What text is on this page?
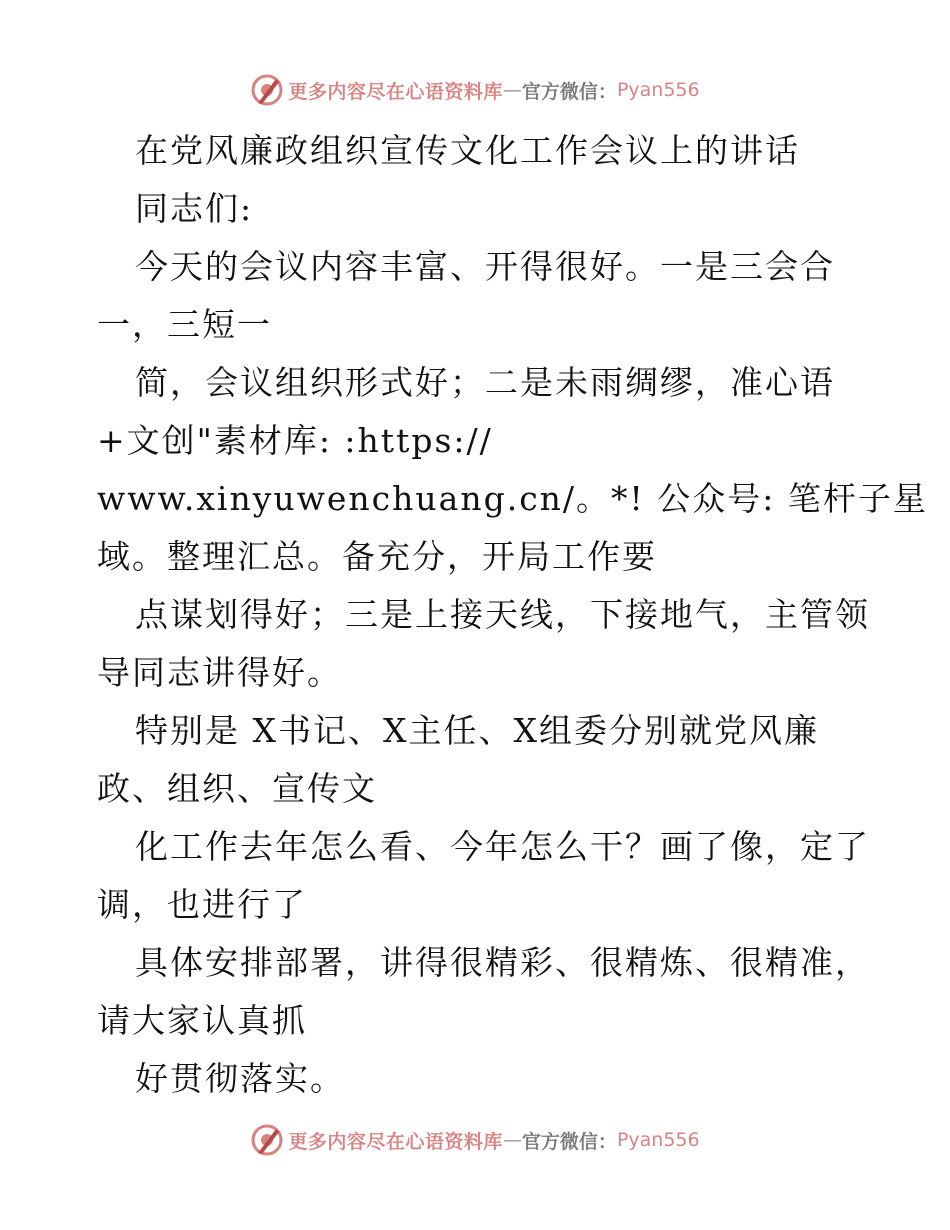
更多内容尽在心语资料库 — 官方微信： Pyan556
在党风廉政组织宣传文化工作会议上的讲话
同志们:
今天的会议内容丰富、开得很好。一是三会合
一，三短一
简，会议组织形式好；二是未雨绸缪，准心语
+文创"素材库: :https://
www.xinyuwenchuang.cn/。*! 公众号: 笔杆子星
域。整理汇总。备充分，开局工作要
点谋划得好；三是上接天线，下接地气，主管领
导同志讲得好。
特别是 X书记、X主任、X组委分别就党风廉
政、组织、宣传文
化工作去年怎么看、今年怎么干？画了像，定了
调，也进行了
具体安排部署，讲得很精彩、很精炼、很精准，
请大家认真抓
好贯彻落实。
更多内容尽在心语资料库 — 官方微信： Pyan556
